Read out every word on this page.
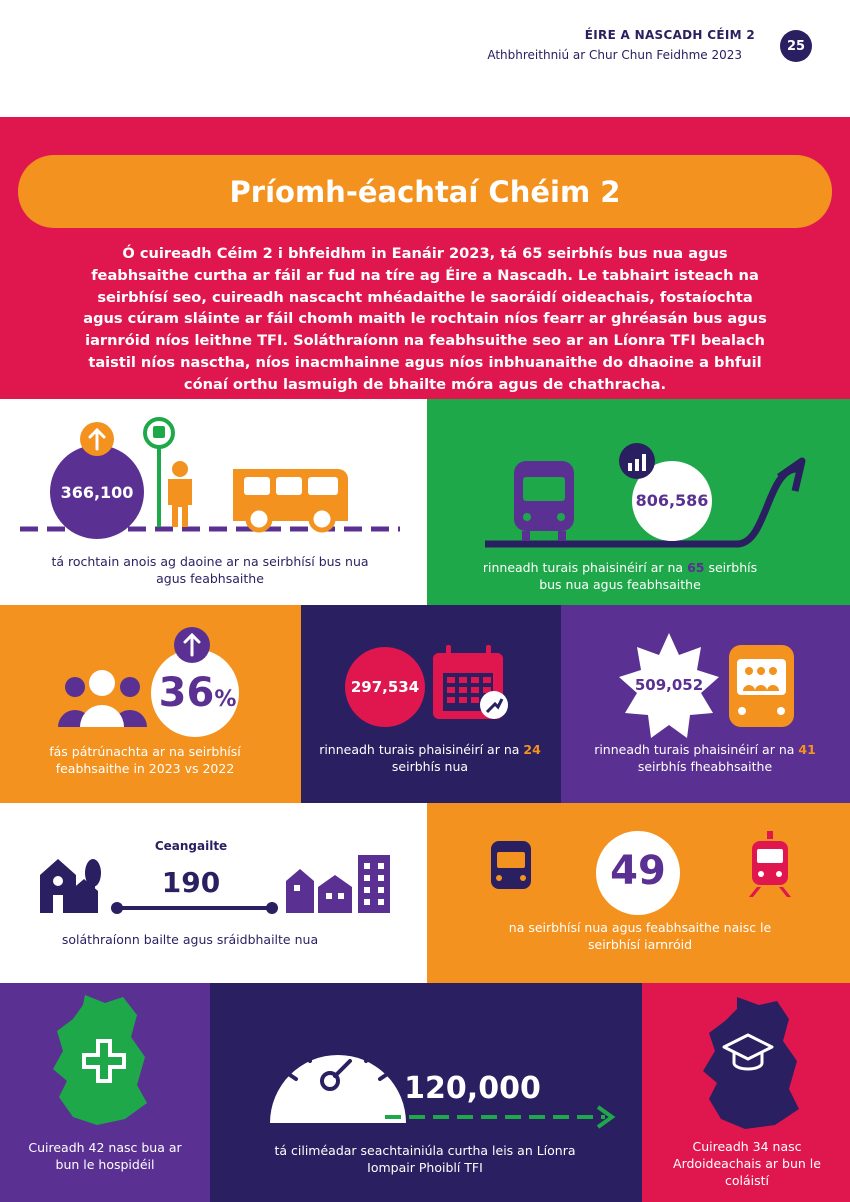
ÉIRE A NASCADH CÉIM 2
Athbhreithniú ar Chur Chun Feidhme 2023
25
Príomh-éachtaí Chéim 2
Ó cuireadh Céim 2 i bhfeidhm in Eanáir 2023, tá 65 seirbhís bus nua agus feabhsaithe curtha ar fáil ar fud na tíre ag Éire a Nascadh. Le tabhairt isteach na seirbhísí seo, cuireadh nascacht mhéadaithe le saoráidí oideachais, fostaíochta agus cúram sláinte ar fáil chomh maith le rochtain níos fearr ar ghréasán bus agus iarnróid níos leithne TFI. Soláthraíonn na feabhsuithe seo ar an Líonra TFI bealach taistil níos nasctha, níos inacmhainne agus níos inbhuanaithe do dhaoine a bhfuil cónaí orthu lasmuigh de bhailte móra agus de chathracha.
366,100
tá rochtain anois ag daoine ar na seirbhísí bus nua agus feabhsaithe
806,586
rinneadh turais phaisinéirí ar na 65 seirbhís bus nua agus feabhsaithe
36%
fás pátrúnachta ar na seirbhísí feabhsaithe in 2023 vs 2022
297,534
rinneadh turais phaisinéirí ar na 24 seirbhís nua
509,052
rinneadh turais phaisinéirí ar na 41 seirbhís fheabhsaithe
Ceangailte
190
soláthraíonn bailte agus sráidbhailte nua
49
na seirbhísí nua agus feabhsaithe naisc le seirbhísí iarnróid
Cuireadh 42 nasc bua ar bun le hospidéil
120,000
tá ciliméadar seachtainiúla curtha leis an Líonra Iompair Phoiblí TFI
Cuireadh 34 nasc Ardoideachais ar bun le coláistí
